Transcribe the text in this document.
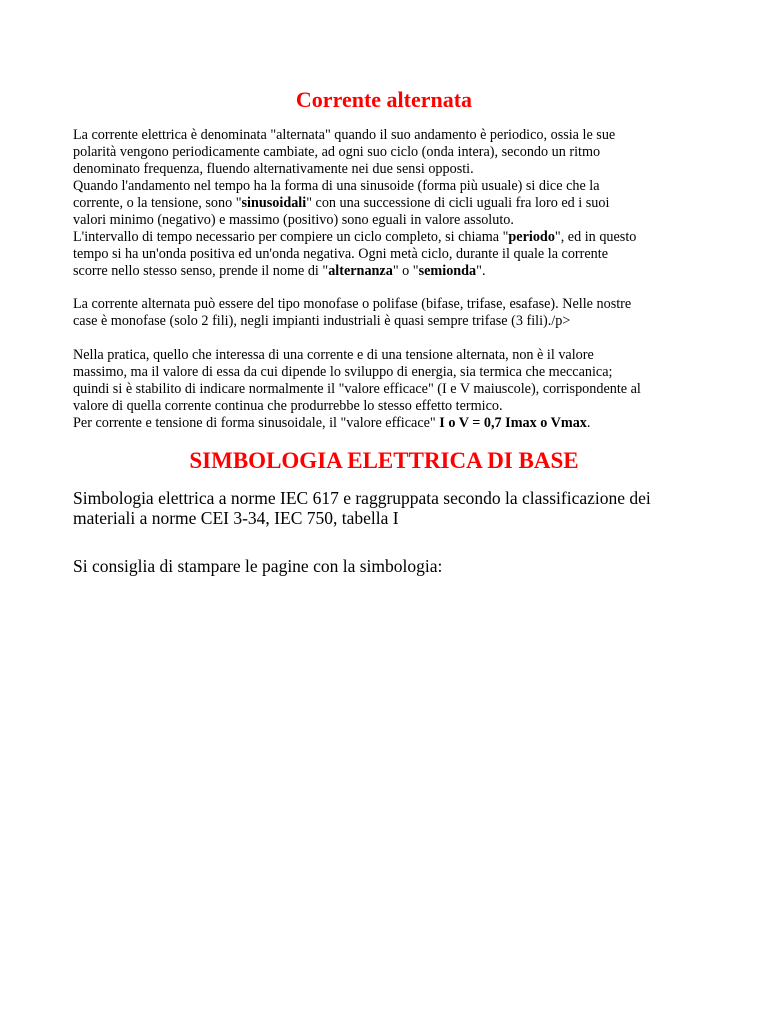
Corrente alternata
La corrente elettrica è denominata "alternata" quando il suo andamento è periodico, ossia le sue
polarità vengono periodicamente cambiate, ad ogni suo ciclo (onda intera), secondo un ritmo
denominato frequenza, fluendo alternativamente nei due sensi opposti.
Quando l'andamento nel tempo ha la forma di una sinusoide (forma più usuale) si dice che la
corrente, o la tensione, sono "sinusoidali" con una successione di cicli uguali fra loro ed i suoi
valori minimo (negativo) e massimo (positivo) sono eguali in valore assoluto.
L'intervallo di tempo necessario per compiere un ciclo completo, si chiama "periodo", ed in questo
tempo si ha un'onda positiva ed un'onda negativa. Ogni metà ciclo, durante il quale la corrente
scorre nello stesso senso, prende il nome di "alternanza" o "semionda".
La corrente alternata può essere del tipo monofase o polifase (bifase, trifase, esafase). Nelle nostre
case è monofase (solo 2 fili), negli impianti industriali è quasi sempre trifase (3 fili)./p>
Nella pratica, quello che interessa di una corrente e di una tensione alternata, non è il valore
massimo, ma il valore di essa da cui dipende lo sviluppo di energia, sia termica che meccanica;
quindi si è stabilito di indicare normalmente il "valore efficace" (I e V maiuscole), corrispondente al
valore di quella corrente continua che produrrebbe lo stesso effetto termico.
Per corrente e tensione di forma sinusoidale, il "valore efficace" I o V = 0,7 Imax o Vmax.
SIMBOLOGIA ELETTRICA DI BASE
Simbologia elettrica a norme IEC 617 e raggruppata secondo la classificazione dei
materiali a norme CEI 3-34, IEC 750, tabella I
Si consiglia di stampare le pagine con la simbologia:
